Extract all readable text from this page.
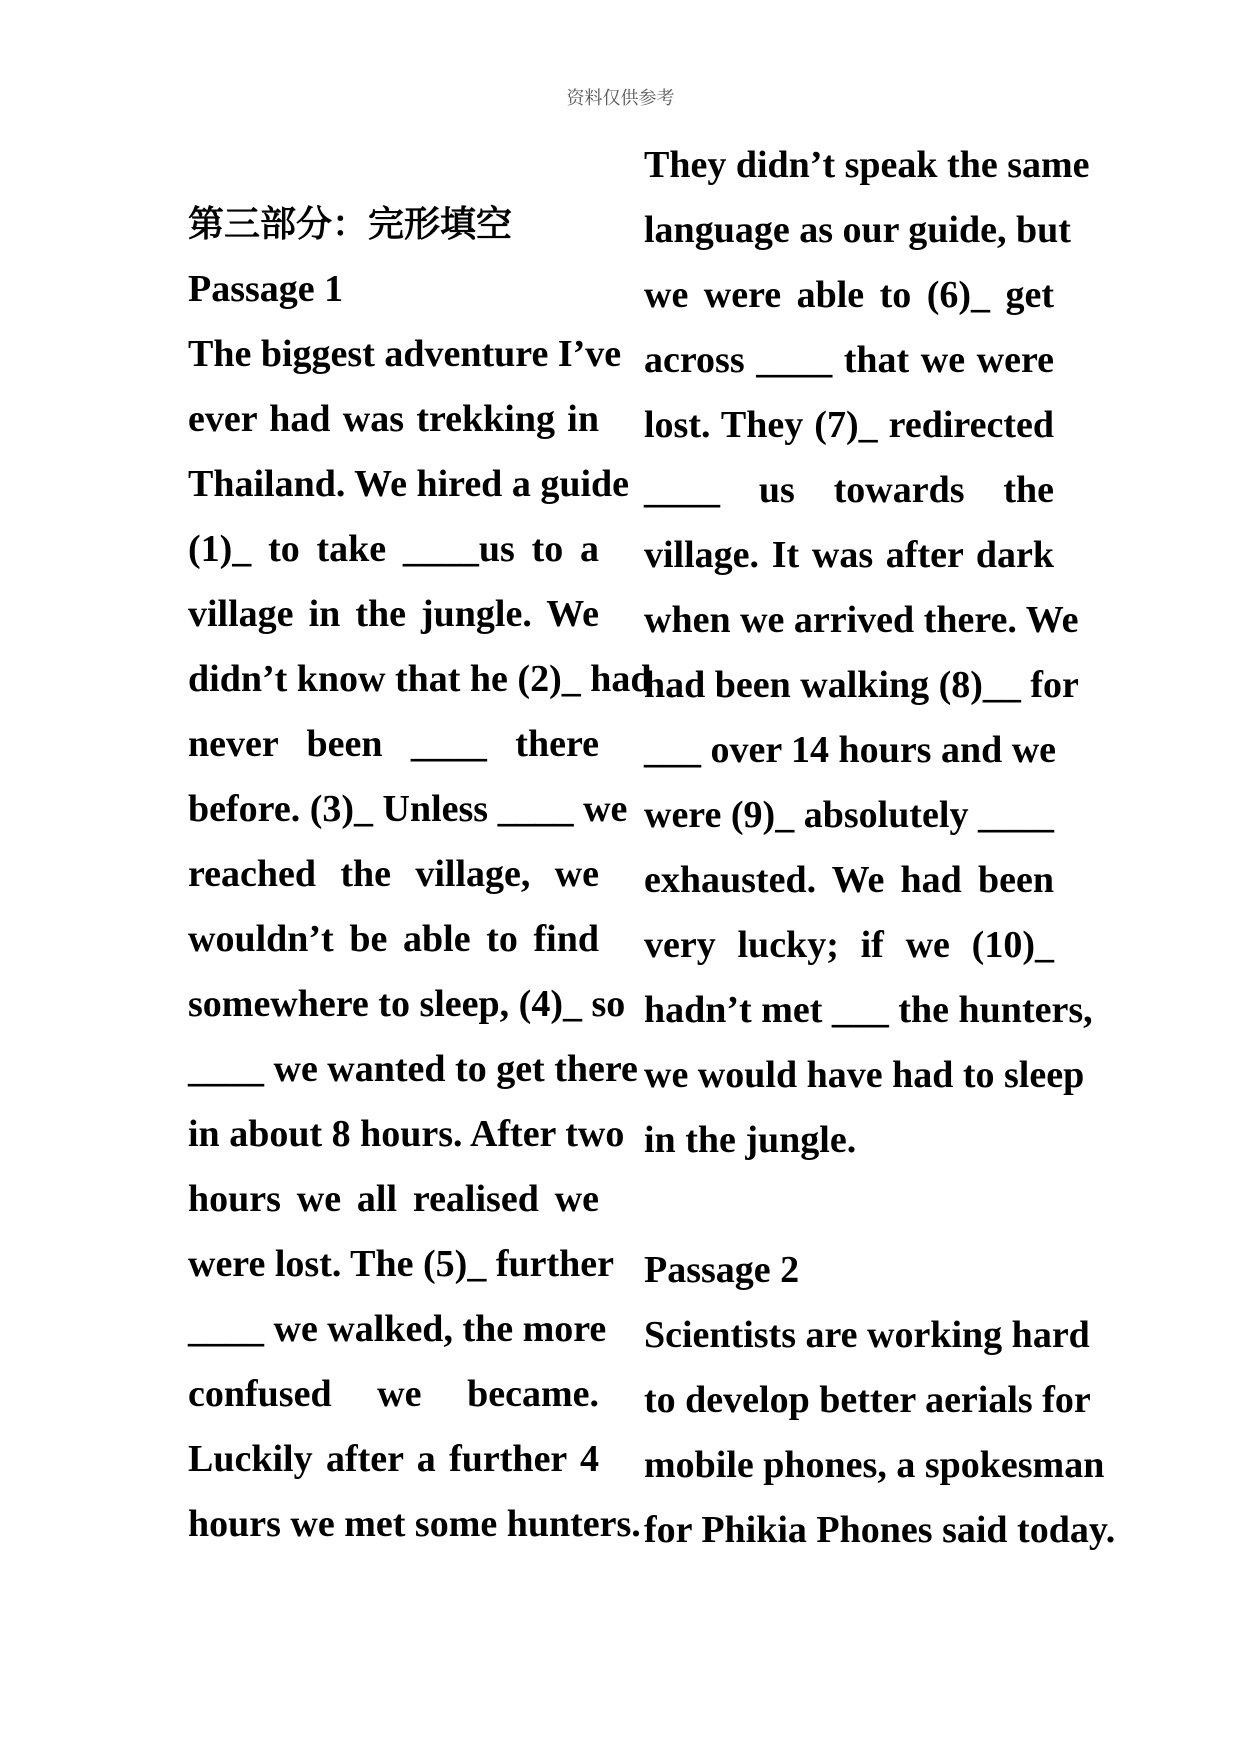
资料仅供参考
第三部分：完形填空
Passage 1
The biggest adventure I’ve
ever had was trekking in
Thailand. We hired a guide
(1)_ to take ____us to a
village in the jungle. We
didn’t know that he (2)_ had
never been ____ there
before. (3)_ Unless ____ we
reached the village, we
wouldn’t be able to find
somewhere to sleep, (4)_ so
____ we wanted to get there
in about 8 hours. After two
hours we all realised we
were lost. The (5)_ further
____ we walked, the more
confused we became.
Luckily after a further 4
hours we met some hunters.
They didn’t speak the same
language as our guide, but
we were able to (6)_ get
across ____ that we were
lost. They (7)_ redirected
____ us towards the
village. It was after dark
when we arrived there. We
had been walking (8)__ for
___ over 14 hours and we
were (9)_ absolutely ____
exhausted. We had been
very lucky; if we (10)_
hadn’t met ___ the hunters,
we would have had to sleep
in the jungle.
Passage 2
Scientists are working hard
to develop better aerials for
mobile phones, a spokesman
for Phikia Phones said today.
